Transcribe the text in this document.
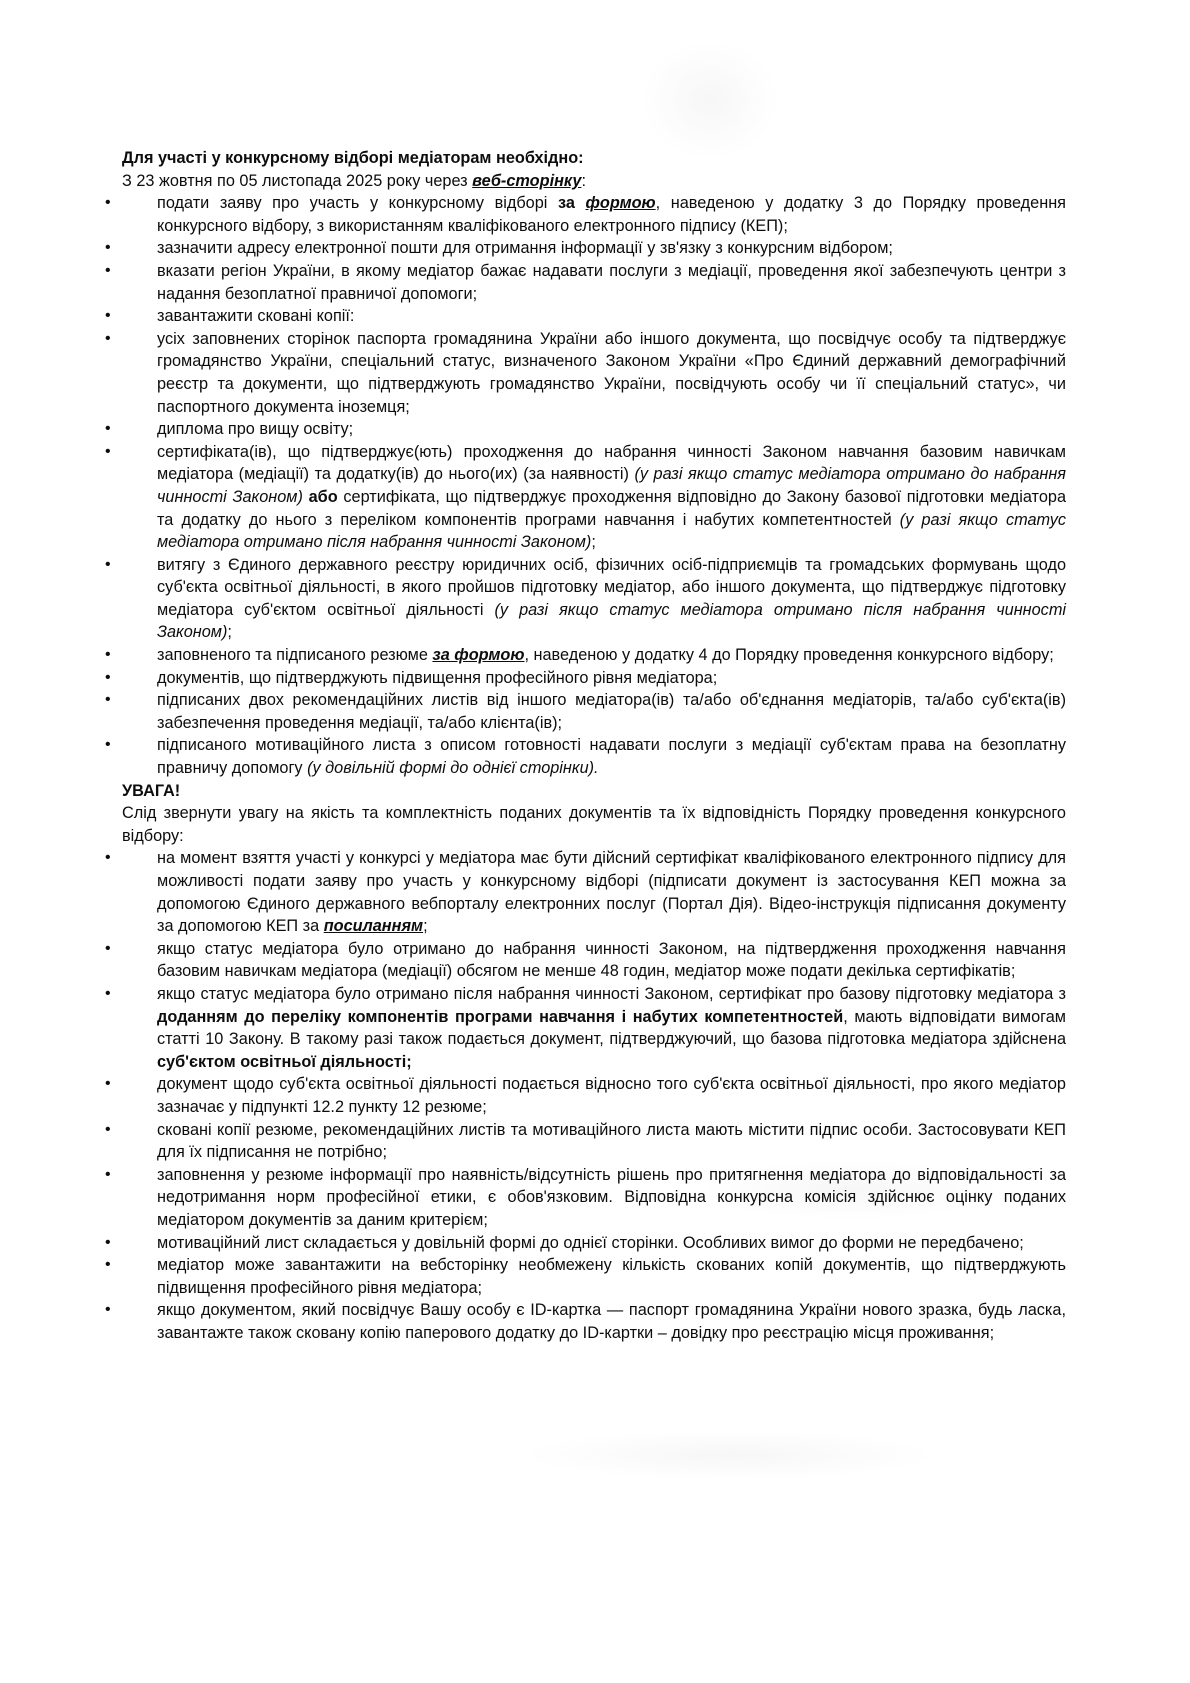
Для участі у конкурсному відборі медіаторам необхідно:

З 23 жовтня по 05 листопада 2025 року через веб-сторінку:

• подати заяву про участь у конкурсному відборі за формою, наведеною у додатку 3 до Порядку проведення конкурсного відбору, з використанням кваліфікованого електронного підпису (КЕП);
• зазначити адресу електронної пошти для отримання інформації у зв'язку з конкурсним відбором;
• вказати регіон України, в якому медіатор бажає надавати послуги з медіації, проведення якої забезпечують центри з надання безоплатної правничої допомоги;
• завантажити сковані копії:
• усіх заповнених сторінок паспорта громадянина України або іншого документа, що посвідчує особу та підтверджує громадянство України, спеціальний статус, визначеного Законом України «Про Єдиний державний демографічний реєстр та документи, що підтверджують громадянство України, посвідчують особу чи її спеціальний статус», чи паспортного документа іноземця;
• диплома про вищу освіту;
• сертифіката(ів), що підтверджує(ють) проходження до набрання чинності Законом навчання базовим навичкам медіатора (медіації) та додатку(ів) до нього(их) (за наявності) (у разі якщо статус медіатора отримано до набрання чинності Законом) або сертифіката, що підтверджує проходження відповідно до Закону базової підготовки медіатора та додатку до нього з переліком компонентів програми навчання і набутих компетентностей (у разі якщо статус медіатора отримано після набрання чинності Законом);
• витягу з Єдиного державного реєстру юридичних осіб, фізичних осіб-підприємців та громадських формувань щодо суб'єкта освітньої діяльності, в якого пройшов підготовку медіатор, або іншого документа, що підтверджує підготовку медіатора суб'єктом освітньої діяльності (у разі якщо статус медіатора отримано після набрання чинності Законом);
• заповненого та підписаного резюме за формою, наведеною у додатку 4 до Порядку проведення конкурсного відбору;
• документів, що підтверджують підвищення професійного рівня медіатора;
• підписаних двох рекомендаційних листів від іншого медіатора(ів) та/або об'єднання медіаторів, та/або суб'єкта(ів) забезпечення проведення медіації, та/або клієнта(ів);
• підписаного мотиваційного листа з описом готовності надавати послуги з медіації суб'єктам права на безоплатну правничу допомогу (у довільній формі до однієї сторінки).

УВАГА!

Слід звернути увагу на якість та комплектність поданих документів та їх відповідність Порядку проведення конкурсного відбору:

• на момент взяття участі у конкурсі у медіатора має бути дійсний сертифікат кваліфікованого електронного підпису для можливості подати заяву про участь у конкурсному відборі (підписати документ із застосування КЕП можна за допомогою Єдиного державного вебпорталу електронних послуг (Портал Дія). Відео-інструкція підписання документу за допомогою КЕП за посиланням;
• якщо статус медіатора було отримано до набрання чинності Законом, на підтвердження проходження навчання базовим навичкам медіатора (медіації) обсягом не менше 48 годин, медіатор може подати декілька сертифікатів;
• якщо статус медіатора було отримано після набрання чинності Законом, сертифікат про базову підготовку медіатора з доданням до переліку компонентів програми навчання і набутих компетентностей, мають відповідати вимогам статті 10 Закону. В такому разі також подається документ, підтверджуючий, що базова підготовка медіатора здійснена суб'єктом освітньої діяльності;
• документ щодо суб'єкта освітньої діяльності подається відносно того суб'єкта освітньої діяльності, про якого медіатор зазначає у підпункті 12.2 пункту 12 резюме;
• сковані копії резюме, рекомендаційних листів та мотиваційного листа мають містити підпис особи. Застосовувати КЕП для їх підписання не потрібно;
• заповнення у резюме інформації про наявність/відсутність рішень про притягнення медіатора до відповідальності за недотримання норм професійної етики, є обов'язковим. Відповідна конкурсна комісія здійснює оцінку поданих медіатором документів за даним критерієм;
• мотиваційний лист складається у довільній формі до однієї сторінки. Особливих вимог до форми не передбачено;
• медіатор може завантажити на вебсторінку необмежену кількість скованих копій документів, що підтверджують підвищення професійного рівня медіатора;
• якщо документом, який посвідчує Вашу особу є ID-картка — паспорт громадянина України нового зразка, будь ласка, завантажте також сковану копію паперового додатку до ID-картки – довідку про реєстрацію місця проживання;
